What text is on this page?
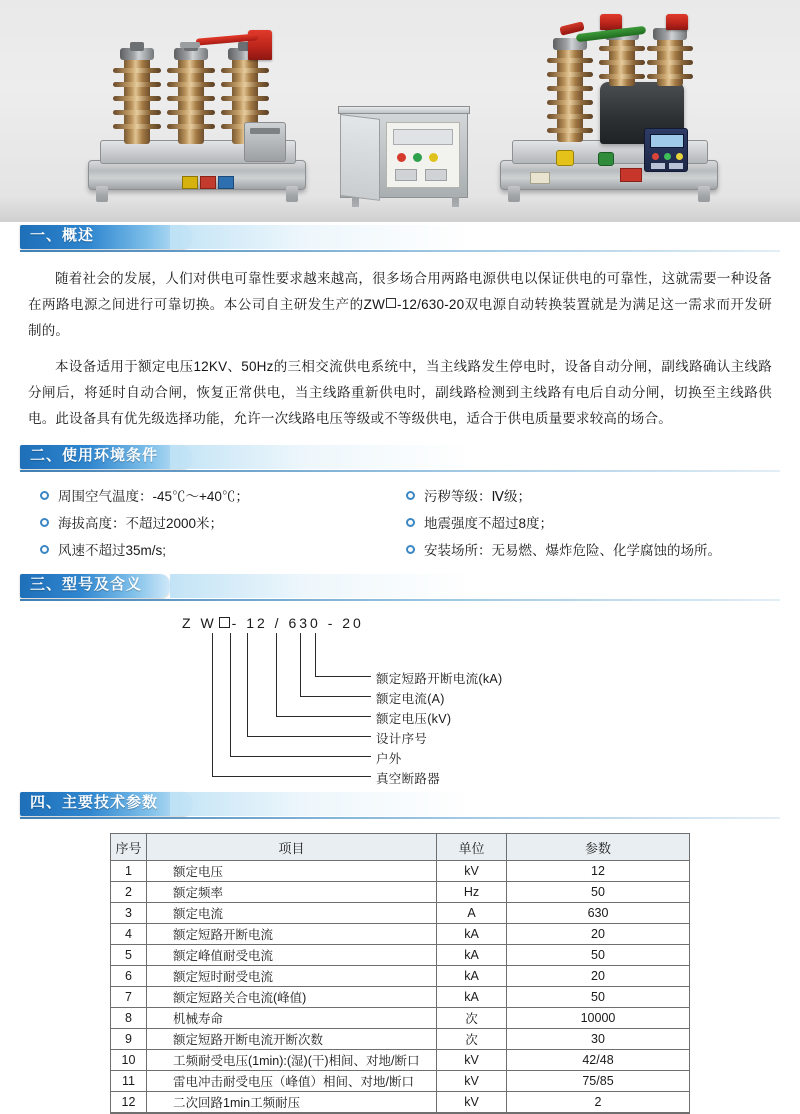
一、概述

随着社会的发展，人们对供电可靠性要求越来越高，很多场合用两路电源供电以保证供电的可靠性，这就需要一种设备在两路电源之间进行可靠切换。本公司自主研发生产的ZW -12/630-20双电源自动转换装置就是为满足这一需求而开发研制的。

本设备适用于额定电压12KV、50Hz的三相交流供电系统中，当主线路发生停电时，设备自动分闸，副线路确认主线路分闸后，将延时自动合闸，恢复正常供电，当主线路重新供电时，副线路检测到主线路有电后自动分闸，切换至主线路供电。此设备具有优先级选择功能，允许一次线路电压等级或不等级供电，适合于供电质量要求较高的场合。

二、使用环境条件
周围空气温度：-45℃～+40℃；
海拔高度：不超过2000米；
风速不超过35m/s;
污秽等级：Ⅳ级；
地震强度不超过8度；
安装场所：无易燃、爆炸危险、化学腐蚀的场所。
三、型号及含义
Z W - 12 / 630 - 20
额定短路开断电流(kA)
额定电流(A)
额定电压(kV)
设计序号
户外
真空断路器
四、主要技术参数
序号	项目	单位	参数
1	额定电压	kV	12
2	额定频率	Hz	50
3	额定电流	A	630
4	额定短路开断电流	kA	20
5	额定峰值耐受电流	kA	50
6	额定短时耐受电流	kA	20
7	额定短路关合电流(峰值)	kA	50
8	机械寿命	次	10000
9	额定短路开断电流开断次数	次	30
10	工频耐受电压(1min):(湿)(干)相间、对地/断口	kV	42/48
11	雷电冲击耐受电压（峰值）相间、对地/断口	kV	75/85
12	二次回路1min工频耐压	kV	2
